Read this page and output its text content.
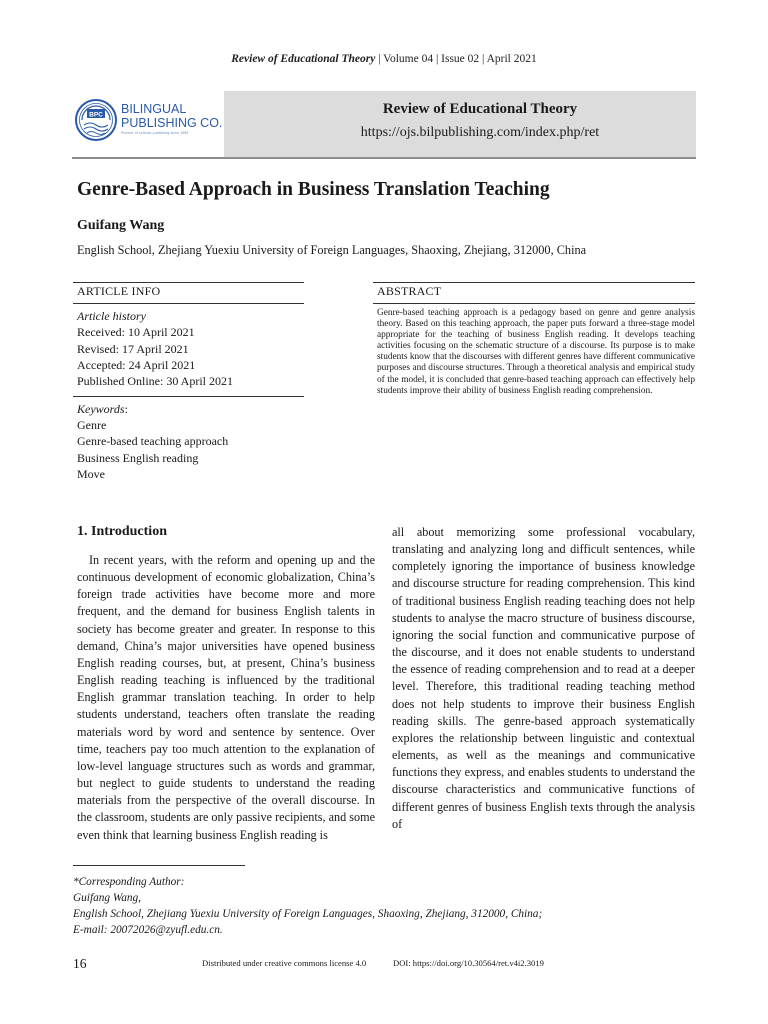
Review of Educational Theory | Volume 04 | Issue 02 | April 2021
BPC BILINGUAL
PUBLISHING CO.
Pioneer of science publishing since 1984
Review of Educational Theory
https://ojs.bilpublishing.com/index.php/ret
Genre-Based Approach in Business Translation Teaching
Guifang Wang
English School, Zhejiang Yuexiu University of Foreign Languages, Shaoxing, Zhejiang, 312000, China
ARTICLE INFO	ABSTRACT
Article history
Received: 10 April 2021
Revised: 17 April 2021
Accepted: 24 April 2021
Published Online: 30 April 2021
Keywords:
Genre
Genre-based teaching approach
Business English reading
Move
Genre-based teaching approach is a pedagogy based on genre and genre analysis theory. Based on this teaching approach, the paper puts forward a three-stage model appropriate for the teaching of business English reading. It develops teaching activities focusing on the schematic structure of a discourse. Its purpose is to make students know that the discourses with different genres have different communicative purposes and discourse structures. Through a theoretical analysis and empirical study of the model, it is concluded that genre-based teaching approach can effectively help students improve their ability of business English reading comprehension.
1. Introduction
In recent years, with the reform and opening up and the continuous development of economic globalization, China’s foreign trade activities have become more and more frequent, and the demand for business English talents in society has become greater and greater. In response to this demand, China’s major universities have opened business English reading courses, but, at present, China’s business English reading teaching is influenced by the traditional English grammar translation teaching. In order to help students understand, teachers often translate the reading materials word by word and sentence by sentence. Over time, teachers pay too much attention to the explanation of low-level language structures such as words and grammar, but neglect to guide students to understand the reading materials from the perspective of the overall discourse. In the classroom, students are only passive recipients, and some even think that learning business English reading is
all about memorizing some professional vocabulary, translating and analyzing long and difficult sentences, while completely ignoring the importance of business knowledge and discourse structure for reading comprehension. This kind of traditional business English reading teaching does not help students to analyse the macro structure of business discourse, ignoring the social function and communicative purpose of the discourse, and it does not enable students to understand the essence of reading comprehension and to read at a deeper level. Therefore, this traditional reading teaching method does not help students to improve their business English reading skills. The genre-based approach systematically explores the relationship between linguistic and contextual elements, as well as the meanings and communicative functions they express, and enables students to understand the discourse characteristics and communicative functions of different genres of business English texts through the analysis of
*Corresponding Author:
Guifang Wang,
English School, Zhejiang Yuexiu University of Foreign Languages, Shaoxing, Zhejiang, 312000, China;
E-mail: 20072026@zyufl.edu.cn.
16	Distributed under creative commons license 4.0	DOI: https://doi.org/10.30564/ret.v4i2.3019
